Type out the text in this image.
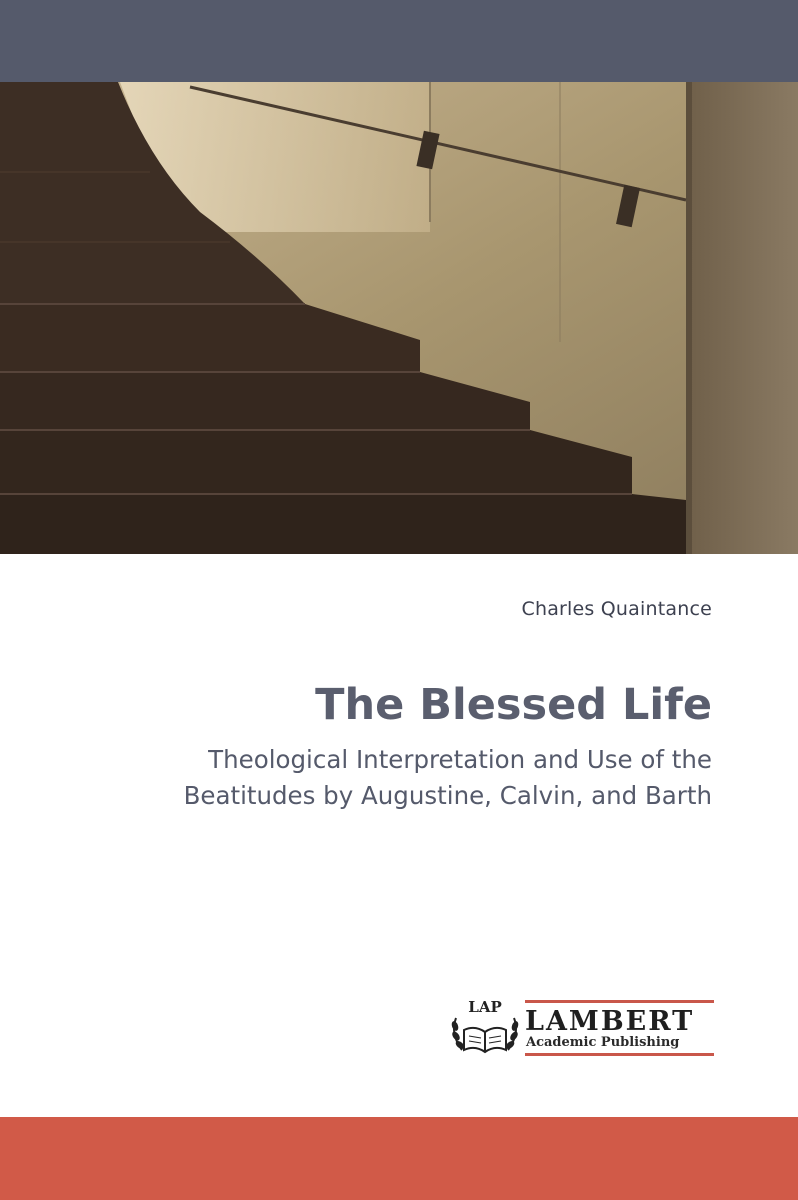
Charles Quaintance
The Blessed Life
Theological Interpretation and Use of the
Beatitudes by Augustine, Calvin, and Barth
LAP LAMBERT
Academic Publishing
